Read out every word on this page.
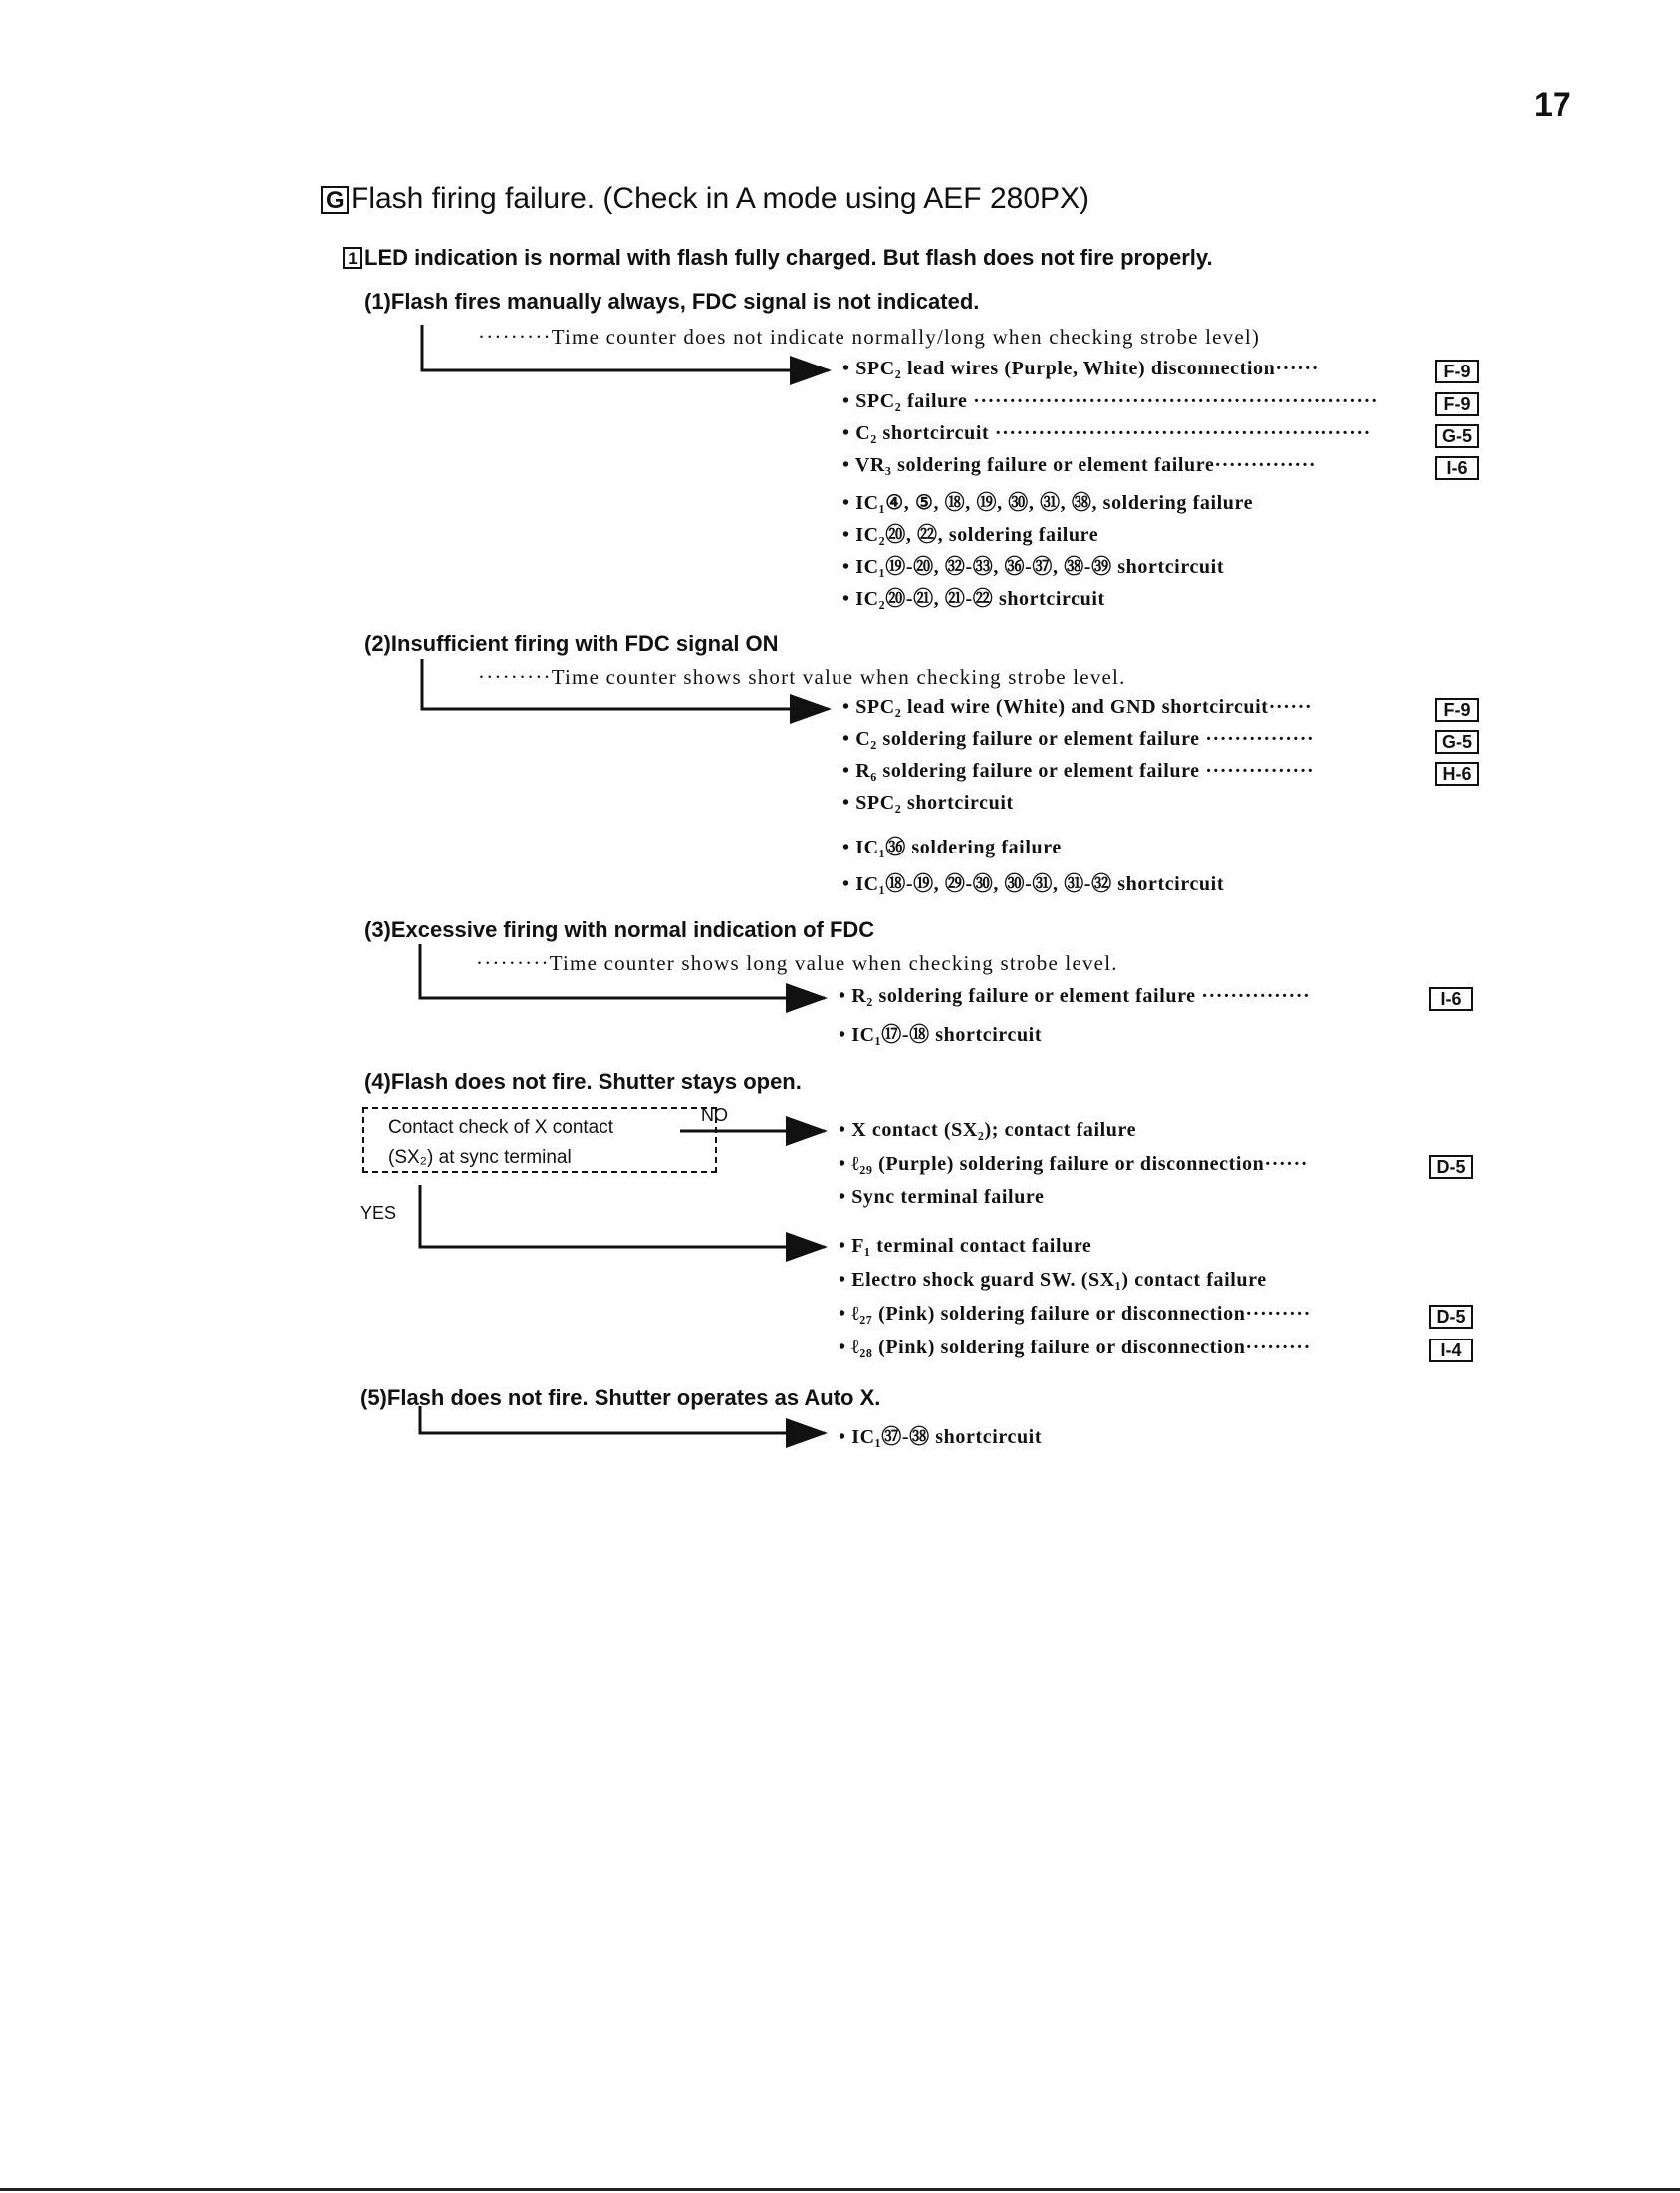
17
G Flash firing failure. (Check in A mode using AEF 280PX)
1 LED indication is normal with flash fully charged. But flash does not fire properly.
(1)Flash fires manually always, FDC signal is not indicated.
·········Time counter does not indicate normally/long when checking strobe level)
• SPC₂ lead wires (Purple, White) disconnection······	F-9
• SPC₂ failure ························································	F-9
• C₂ shortcircuit ····················································	G-5
• VR₃ soldering failure or element failure··············	I-6
• IC₁④, ⑤, ⑱, ⑲, ㉚, ㉛, ㊳, soldering failure
• IC₂⑳, ㉒, soldering failure
• IC₁⑲-⑳, ㉜-㉝, ㊱-㊲, ㊳-㊴ shortcircuit
• IC₂⑳-㉑, ㉑-㉒ shortcircuit
(2)Insufficient firing with FDC signal ON
·········Time counter shows short value when checking strobe level.
• SPC₂ lead wire (White) and GND shortcircuit······	F-9
• C₂ soldering failure or element failure ···············	G-5
• R₆ soldering failure or element failure ···············	H-6
• SPC₂ shortcircuit
• IC₁㊱ soldering failure
• IC₁⑱-⑲, ㉙-㉚, ㉚-㉛, ㉛-㉜ shortcircuit
(3)Excessive firing with normal indication of FDC
·········Time counter shows long value when checking strobe level.
• R₂ soldering failure or element failure ···············	I-6
• IC₁⑰-⑱ shortcircuit
(4)Flash does not fire. Shutter stays open.
Contact check of X contact
(SX₂) at sync terminal
NO
YES
• X contact (SX₂); contact failure
• ℓ₂₉ (Purple) soldering failure or disconnection······	D-5
• Sync terminal failure
• F₁ terminal contact failure
• Electro shock guard SW. (SX₁) contact failure
• ℓ₂₇ (Pink) soldering failure or disconnection·········	D-5
• ℓ₂₈ (Pink) soldering failure or disconnection·········	I-4
(5)Flash does not fire. Shutter operates as Auto X.
• IC₁㊲-㊳ shortcircuit
